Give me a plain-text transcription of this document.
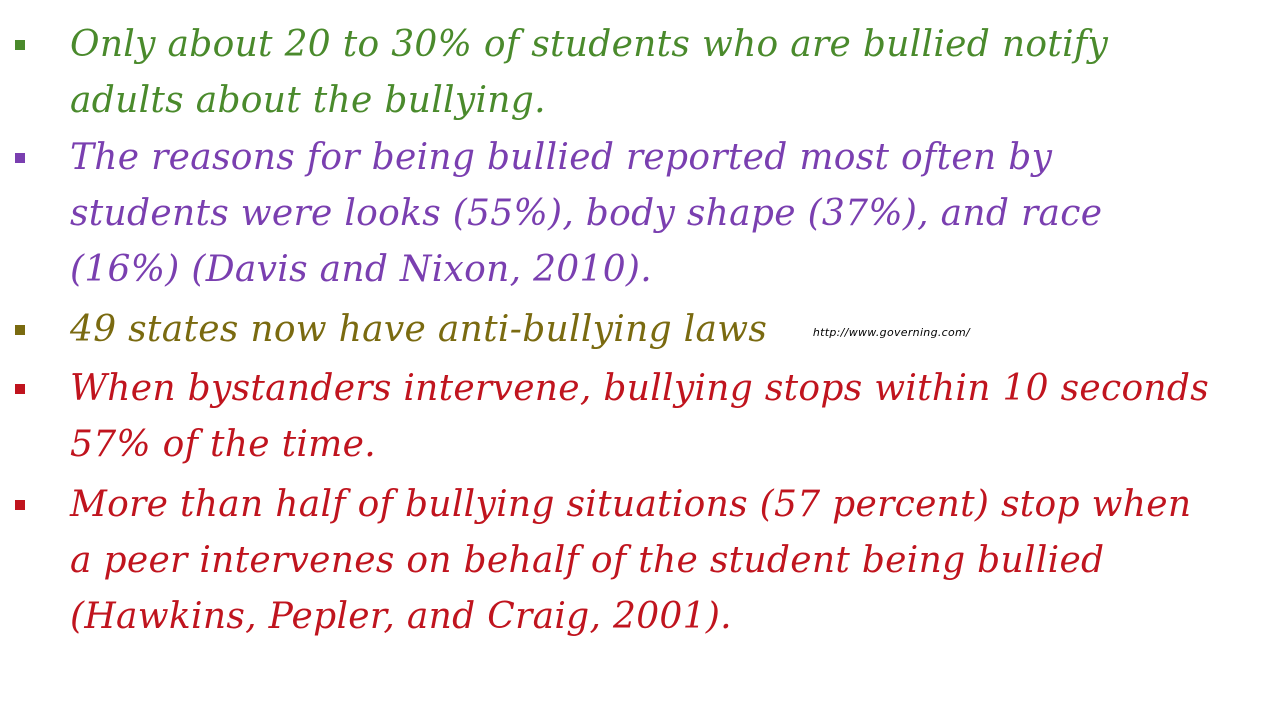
Only about 20 to 30% of students who are bullied notify adults about the bullying.
The reasons for being bullied reported most often by students were looks (55%), body shape (37%), and race (16%) (Davis and Nixon, 2010).
49 states now have anti-bullying laws	http://www.governing.com/
When bystanders intervene, bullying stops within 10 seconds 57% of the time.
More than half of bullying situations (57 percent) stop when a peer intervenes on behalf of the student being bullied (Hawkins, Pepler, and Craig, 2001).
